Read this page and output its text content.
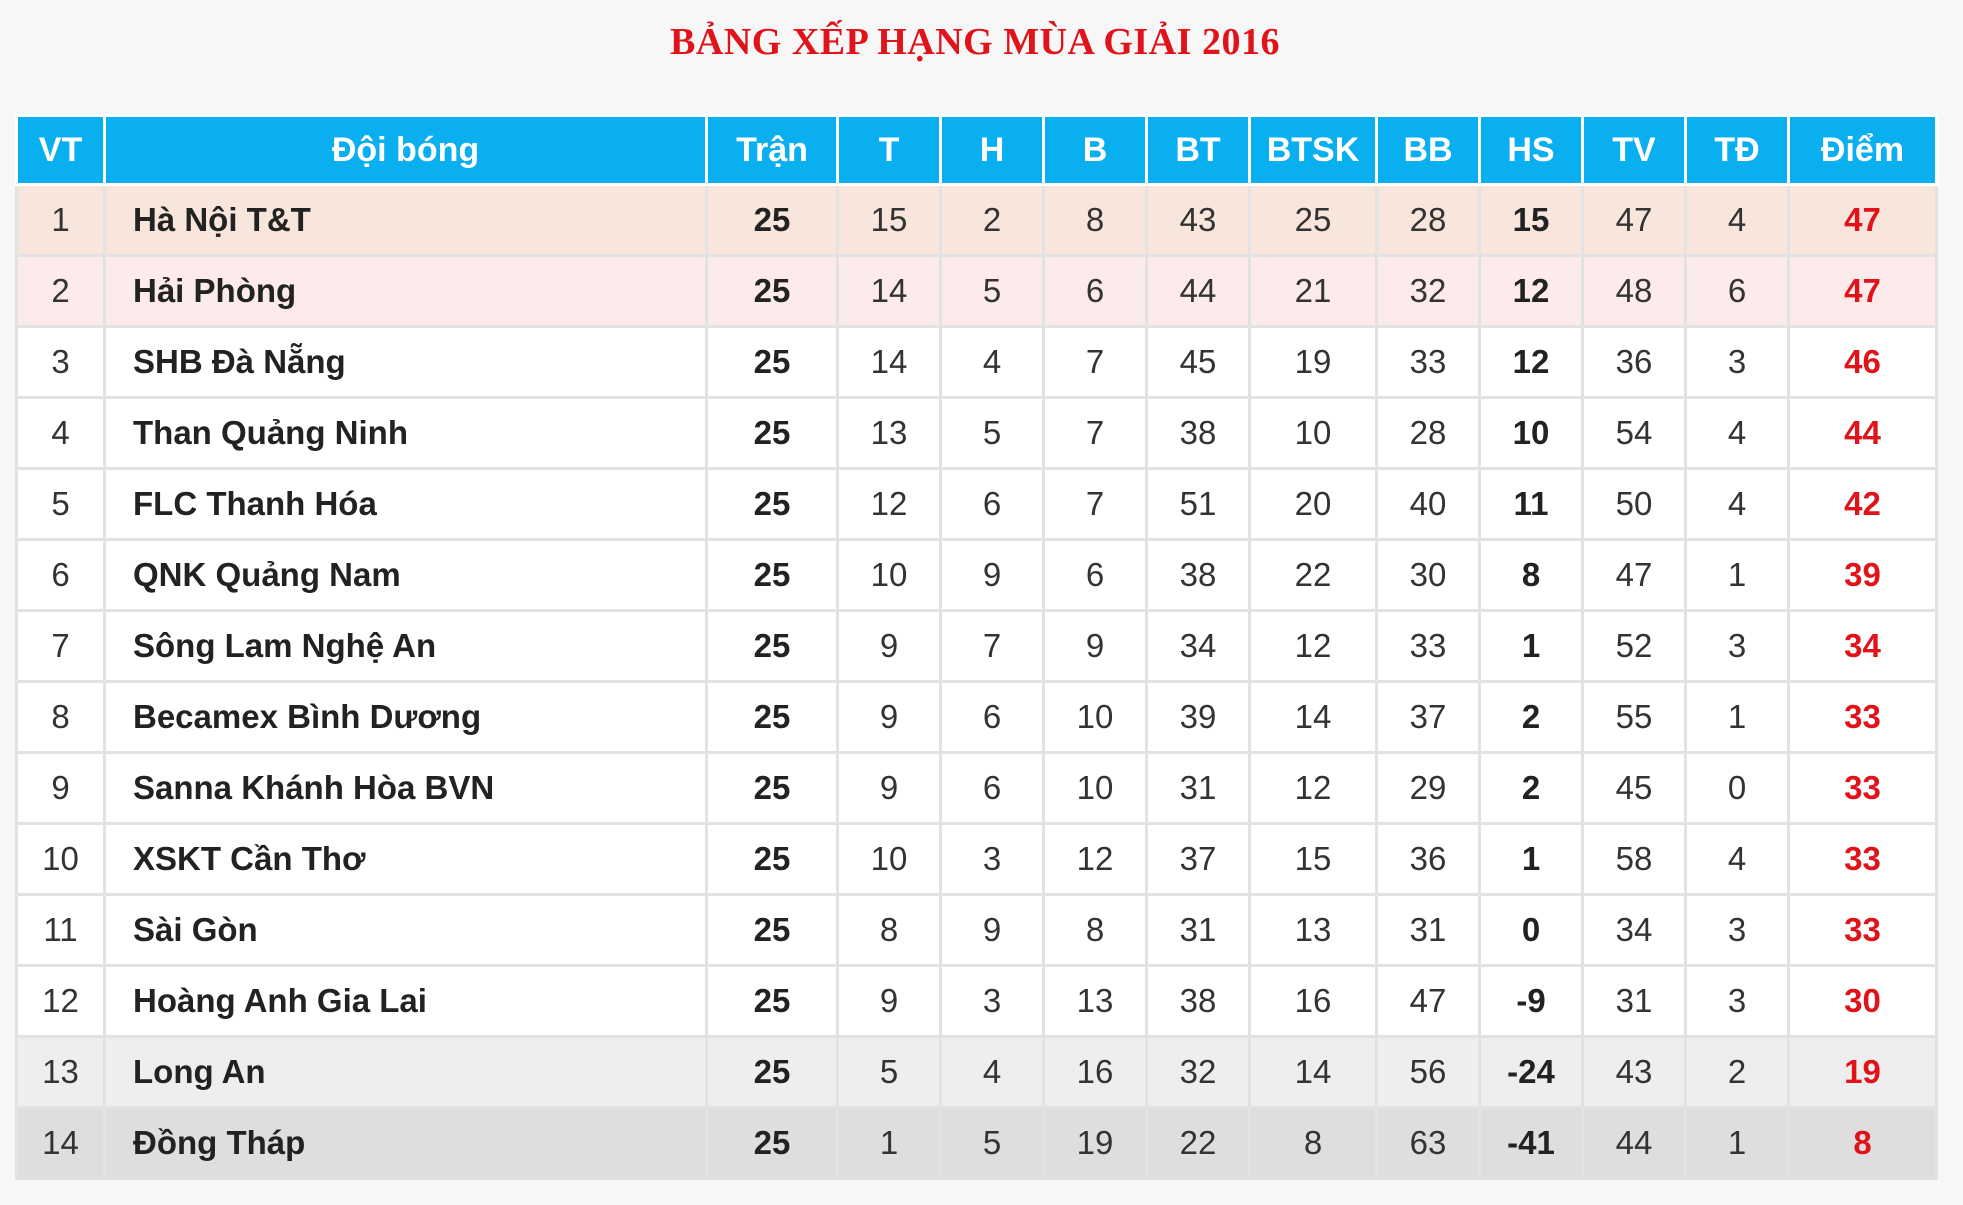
BẢNG XẾP HẠNG MÙA GIẢI 2016
VT	Đội bóng	Trận	T	H	B	BT	BTSK	BB	HS	TV	TĐ	Điểm
1	Hà Nội T&T	25	15	2	8	43	25	28	15	47	4	47
2	Hải Phòng	25	14	5	6	44	21	32	12	48	6	47
3	SHB Đà Nẵng	25	14	4	7	45	19	33	12	36	3	46
4	Than Quảng Ninh	25	13	5	7	38	10	28	10	54	4	44
5	FLC Thanh Hóa	25	12	6	7	51	20	40	11	50	4	42
6	QNK Quảng Nam	25	10	9	6	38	22	30	8	47	1	39
7	Sông Lam Nghệ An	25	9	7	9	34	12	33	1	52	3	34
8	Becamex Bình Dương	25	9	6	10	39	14	37	2	55	1	33
9	Sanna Khánh Hòa BVN	25	9	6	10	31	12	29	2	45	0	33
10	XSKT Cần Thơ	25	10	3	12	37	15	36	1	58	4	33
11	Sài Gòn	25	8	9	8	31	13	31	0	34	3	33
12	Hoàng Anh Gia Lai	25	9	3	13	38	16	47	-9	31	3	30
13	Long An	25	5	4	16	32	14	56	-24	43	2	19
14	Đồng Tháp	25	1	5	19	22	8	63	-41	44	1	8
